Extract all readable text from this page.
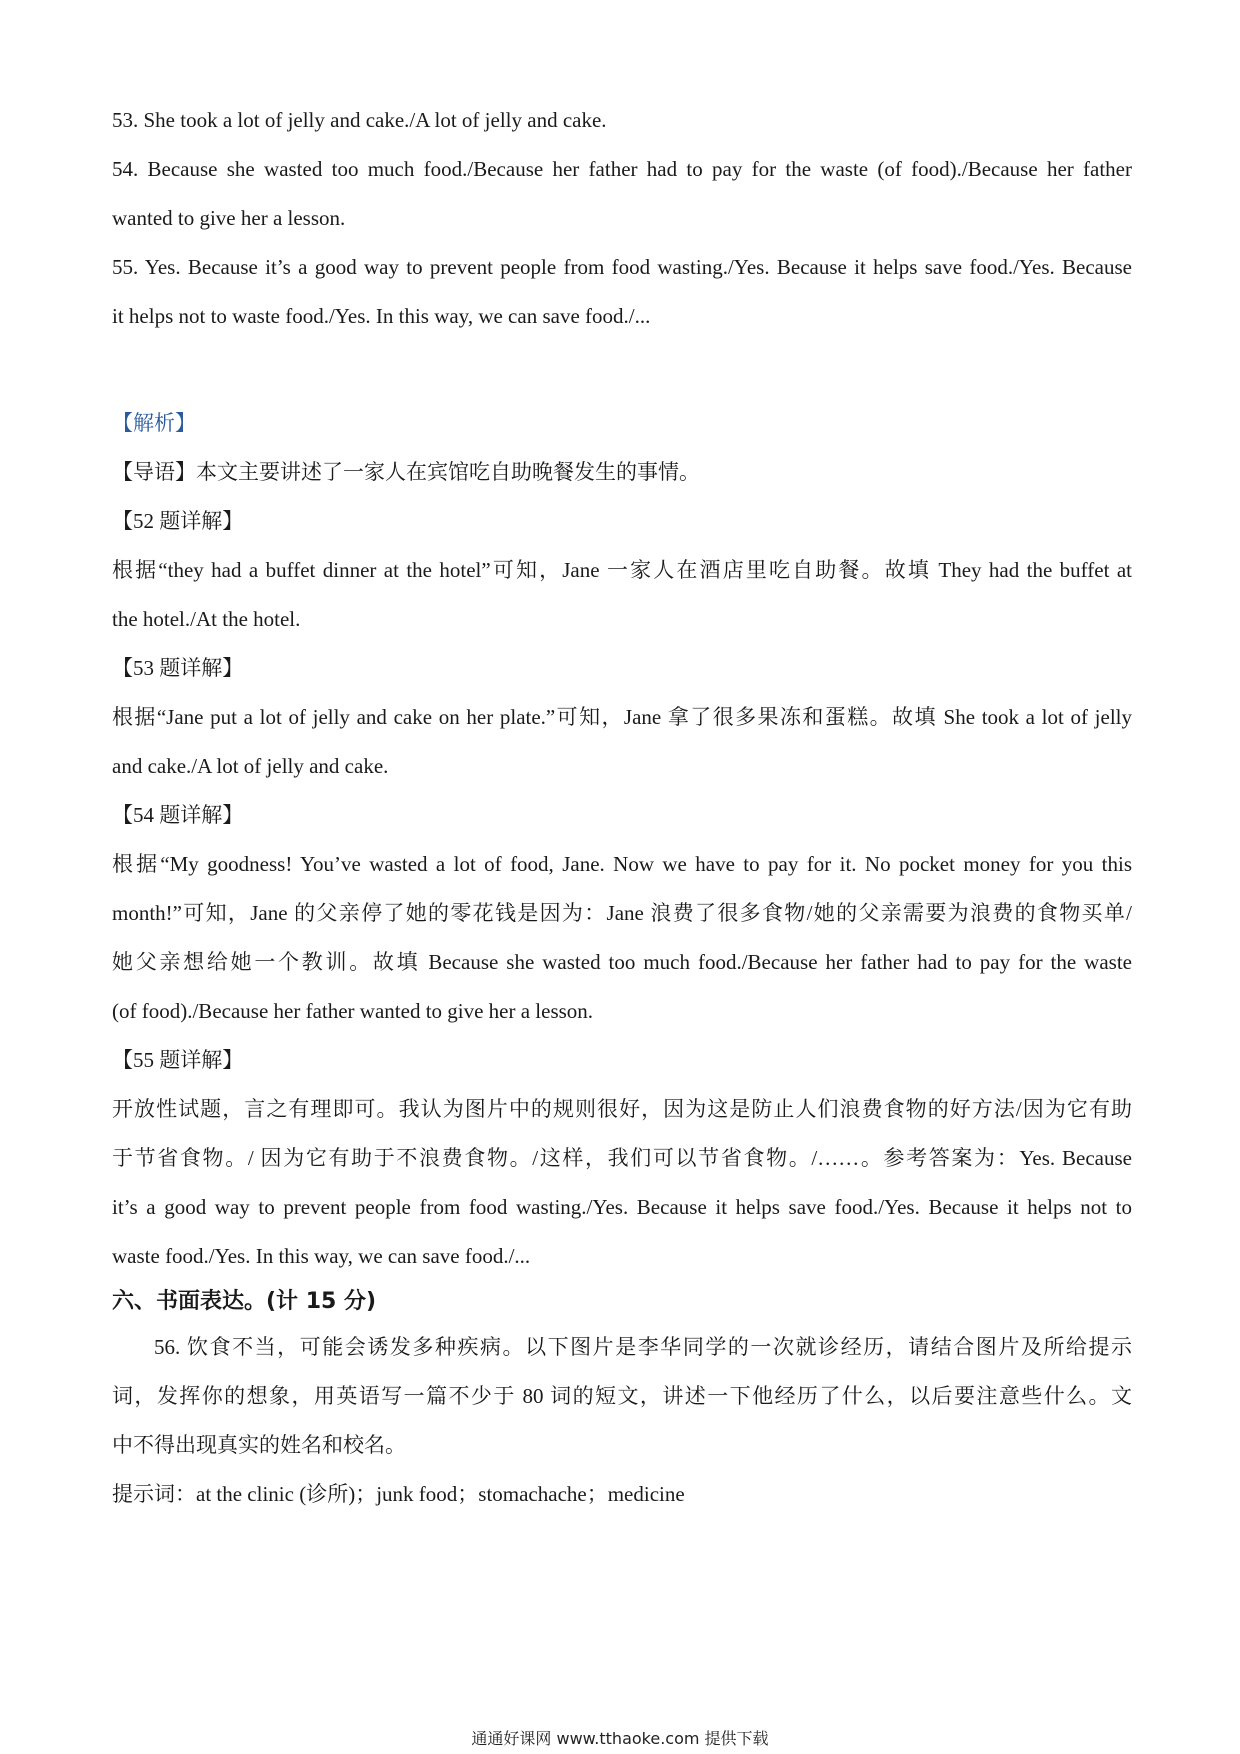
53. She took a lot of jelly and cake./A lot of jelly and cake.
54. Because she wasted too much food./Because her father had to pay for the waste (of food)./Because her father
wanted to give her a lesson.
55. Yes. Because it’s a good way to prevent people from food wasting./Yes. Because it helps save food./Yes. Because
it helps not to waste food./Yes. In this way, we can save food./...
【解析】
【导语】本文主要讲述了一家人在宾馆吃自助晚餐发生的事情。
【52 题详解】
根据“they had a buffet dinner at the hotel”可知，Jane 一家人在酒店里吃自助餐。故填 They had the buffet at
the hotel./At the hotel.
【53 题详解】
根据“Jane put a lot of jelly and cake on her plate.”可知，Jane 拿了很多果冻和蛋糕。故填 She took a lot of jelly
and cake./A lot of jelly and cake.
【54 题详解】
根据“My goodness! You’ve wasted a lot of food, Jane. Now we have to pay for it. No pocket money for you this
month!”可知，Jane 的父亲停了她的零花钱是因为：Jane 浪费了很多食物/她的父亲需要为浪费的食物买单/
她父亲想给她一个教训。故填 Because she wasted too much food./Because her father had to pay for the waste
(of food)./Because her father wanted to give her a lesson.
【55 题详解】
开放性试题，言之有理即可。我认为图片中的规则很好，因为这是防止人们浪费食物的好方法/因为它有助
于节省食物。/ 因为它有助于不浪费食物。/这样，我们可以节省食物。/……。参考答案为：Yes. Because
it’s a good way to prevent people from food wasting./Yes. Because it helps save food./Yes. Because it helps not to
waste food./Yes. In this way, we can save food./...
六、书面表达。(计 15 分)
56. 饮食不当，可能会诱发多种疾病。以下图片是李华同学的一次就诊经历，请结合图片及所给提示
词，发挥你的想象，用英语写一篇不少于 80 词的短文，讲述一下他经历了什么，以后要注意些什么。文
中不得出现真实的姓名和校名。
提示词：at the clinic (诊所)；junk food；stomachache；medicine
通通好课网 www.tthaoke.com 提供下载
